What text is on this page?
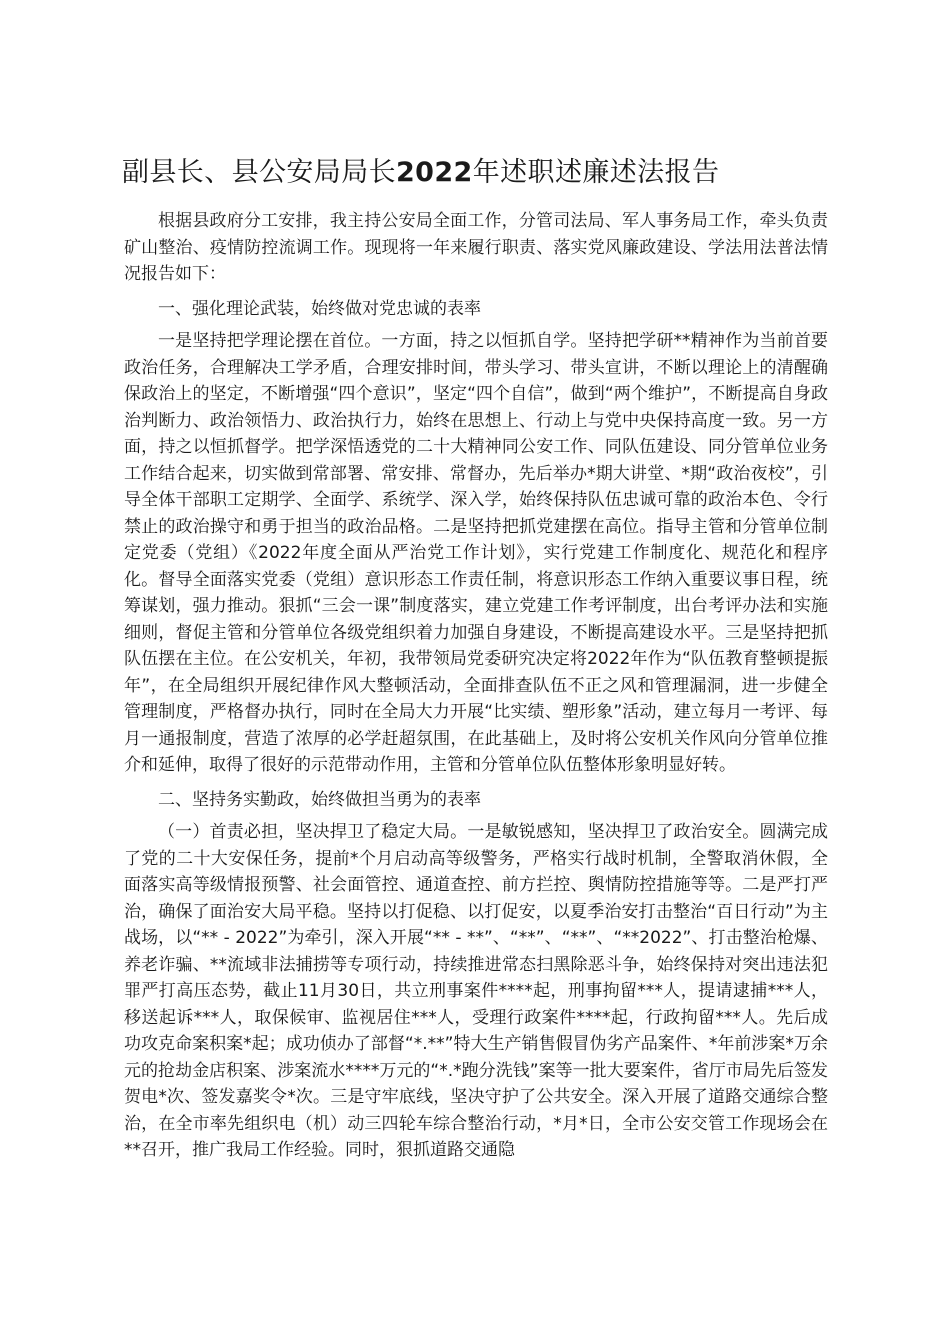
副县长、县公安局局长2022年述职述廉述法报告

根据县政府分工安排，我主持公安局全面工作，分管司法局、军人事务局工作，牵头负责矿山整治、疫情防控流调工作。现现将一年来履行职责、落实党风廉政建设、学法用法普法情况报告如下：

一、强化理论武装，始终做对党忠诚的表率

一是坚持把学理论摆在首位。一方面，持之以恒抓自学。坚持把学研**精神作为当前首要政治任务，合理解决工学矛盾，合理安排时间，带头学习、带头宣讲，不断以理论上的清醒确保政治上的坚定，不断增强“四个意识”，坚定“四个自信”，做到“两个维护”，不断提高自身政治判断力、政治领悟力、政治执行力，始终在思想上、行动上与党中央保持高度一致。另一方面，持之以恒抓督学。把学深悟透党的二十大精神同公安工作、同队伍建设、同分管单位业务工作结合起来，切实做到常部署、常安排、常督办，先后举办*期大讲堂、*期“政治夜校”，引导全体干部职工定期学、全面学、系统学、深入学，始终保持队伍忠诚可靠的政治本色、令行禁止的政治操守和勇于担当的政治品格。二是坚持把抓党建摆在高位。指导主管和分管单位制定党委（党组）《2022年度全面从严治党工作计划》，实行党建工作制度化、规范化和程序化。督导全面落实党委（党组）意识形态工作责任制，将意识形态工作纳入重要议事日程，统筹谋划，强力推动。狠抓“三会一课”制度落实，建立党建工作考评制度，出台考评办法和实施细则，督促主管和分管单位各级党组织着力加强自身建设，不断提高建设水平。三是坚持把抓队伍摆在主位。在公安机关，年初，我带领局党委研究决定将2022年作为“队伍教育整顿提振年”，在全局组织开展纪律作风大整顿活动，全面排查队伍不正之风和管理漏洞，进一步健全管理制度，严格督办执行，同时在全局大力开展“比实绩、塑形象”活动，建立每月一考评、每月一通报制度，营造了浓厚的必学赶超氛围，在此基础上，及时将公安机关作风向分管单位推介和延伸，取得了很好的示范带动作用，主管和分管单位队伍整体形象明显好转。

二、坚持务实勤政，始终做担当勇为的表率

（一）首责必担，坚决捍卫了稳定大局。一是敏锐感知，坚决捍卫了政治安全。圆满完成了党的二十大安保任务，提前*个月启动高等级警务，严格实行战时机制，全警取消休假，全面落实高等级情报预警、社会面管控、通道查控、前方拦控、舆情防控措施等等。二是严打严治，确保了面治安大局平稳。坚持以打促稳、以打促安，以夏季治安打击整治“百日行动”为主战场，以“** - 2022”为牵引，深入开展“** - **”、“**”、“**”、“**2022”、打击整治枪爆、养老诈骗、**流域非法捕捞等专项行动，持续推进常态扫黑除恶斗争，始终保持对突出违法犯罪严打高压态势，截止11月30日，共立刑事案件****起，刑事拘留***人，提请逮捕***人，移送起诉***人，取保候审、监视居住***人，受理行政案件****起，行政拘留***人。先后成功攻克命案积案*起；成功侦办了部督“*.**”特大生产销售假冒伪劣产品案件、*年前涉案*万余元的抢劫金店积案、涉案流水****万元的“*.*跑分洗钱”案等一批大要案件，省厅市局先后签发贺电*次、签发嘉奖令*次。三是守牢底线，坚决守护了公共安全。深入开展了道路交通综合整治，在全市率先组织电（机）动三四轮车综合整治行动，*月*日，全市公安交管工作现场会在**召开，推广我局工作经验。同时，狠抓道路交通隐
